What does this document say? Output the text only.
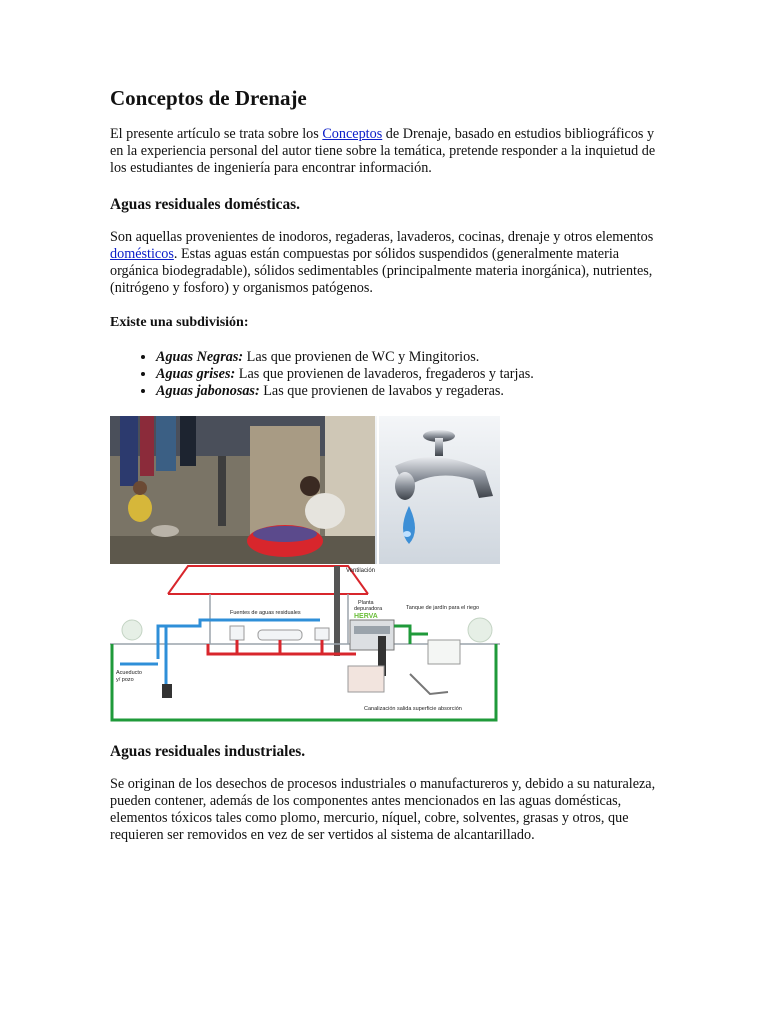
Conceptos de Drenaje

El presente artículo se trata sobre los Conceptos de Drenaje, basado en estudios bibliográficos y en la experiencia personal del autor tiene sobre la temática, pretende responder a la inquietud de los estudiantes de ingeniería para encontrar información.

Aguas residuales domésticas.

Son aquellas provenientes de inodoros, regaderas, lavaderos, cocinas, drenaje y otros elementos domésticos. Estas aguas están compuestas por sólidos suspendidos (generalmente materia orgánica biodegradable), sólidos sedimentables (principalmente materia inorgánica), nutrientes, (nitrógeno y fosforo) y organismos patógenos.

Existe una subdivisión:

• Aguas Negras: Las que provienen de WC y Mingitorios.
• Aguas grises: Las que provienen de lavaderos, fregaderos y tarjas.
• Aguas jabonosas: Las que provienen de lavabos y regaderas.
Ventilación
Fuentes de aguas residuales
Planta
depuradora
HERVA
Tanque de jardín para el riego
Acueducto
y/ pozo
Canalización salida superficie absorción
Aguas residuales industriales.

Se originan de los desechos de procesos industriales o manufactureros y, debido a su naturaleza, pueden contener, además de los componentes antes mencionados en las aguas domésticas, elementos tóxicos tales como plomo, mercurio, níquel, cobre, solventes, grasas y otros, que requieren ser removidos en vez de ser vertidos al sistema de alcantarillado.
